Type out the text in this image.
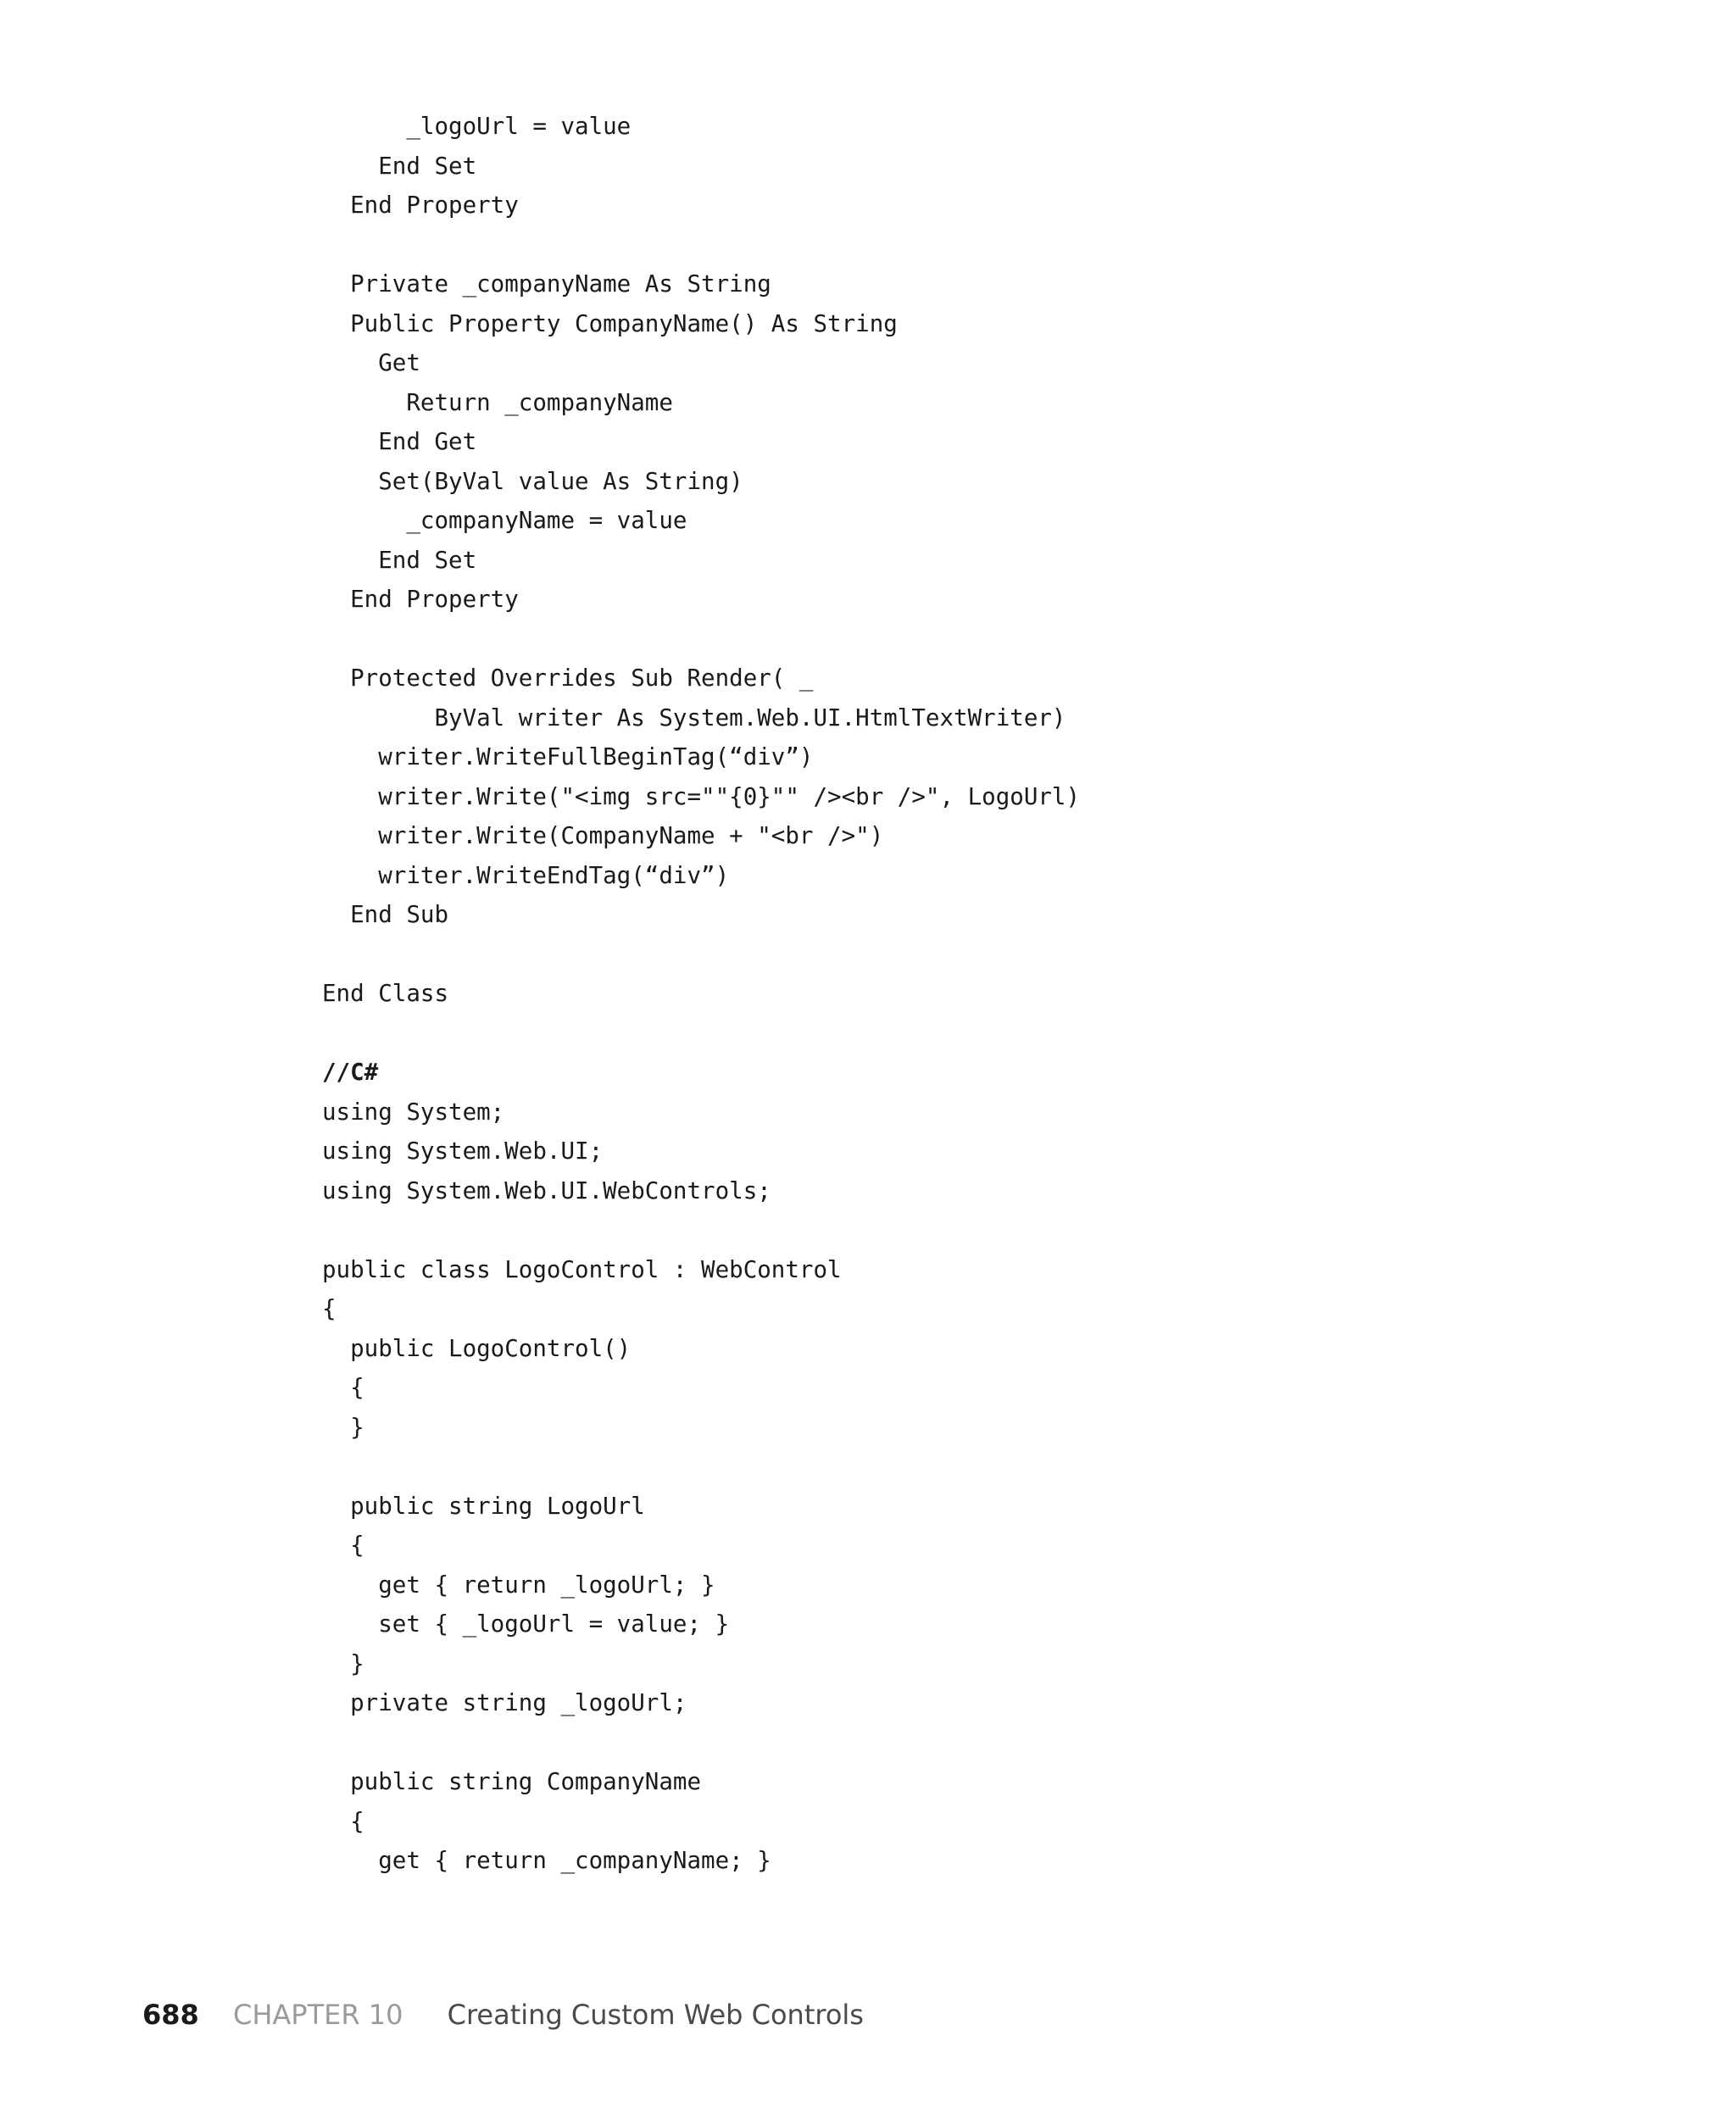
_logoUrl = value
End Set
End Property
Private _companyName As String
Public Property CompanyName() As String
Get
Return _companyName
End Get
Set(ByVal value As String)
_companyName = value
End Set
End Property
Protected Overrides Sub Render( _
ByVal writer As System.Web.UI.HtmlTextWriter)
writer.WriteFullBeginTag(“div”)
writer.Write("<img src=""{0}"" /><br />", LogoUrl)
writer.Write(CompanyName + "<br />")
writer.WriteEndTag(“div”)
End Sub
End Class
//C#
using System;
using System.Web.UI;
using System.Web.UI.WebControls;
public class LogoControl : WebControl
{
public LogoControl()
{
}
public string LogoUrl
{
get { return _logoUrl; }
set { _logoUrl = value; }
}
private string _logoUrl;
public string CompanyName
{
get { return _companyName; }
688 CHAPTER 10 Creating Custom Web Controls
